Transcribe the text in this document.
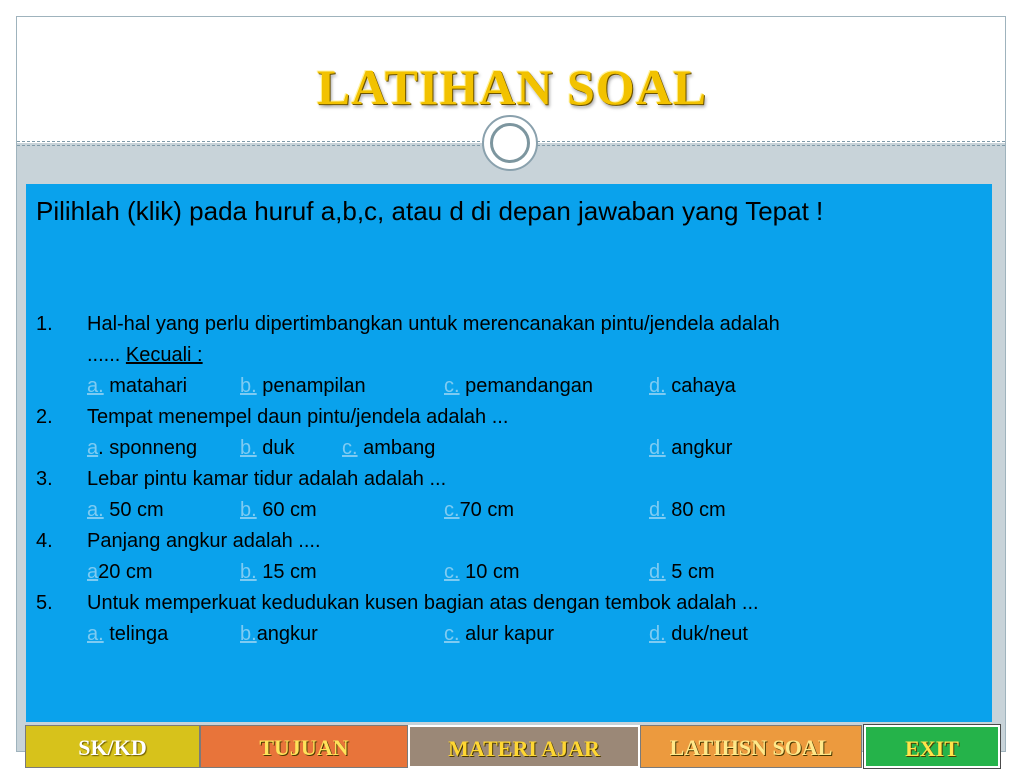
LATIHAN SOAL
Pilihlah (klik) pada huruf a,b,c, atau d di depan jawaban yang Tepat !
1.	Hal-hal yang perlu dipertimbangkan untuk merencanakan pintu/jendela adalah
...... Kecuali :
a. matahari	b. penampilan	c. pemandangan	d. cahaya
2.	Tempat menempel daun pintu/jendela adalah ...
a. sponneng b. duk c. ambang	d. angkur
3.	Lebar pintu kamar tidur adalah adalah ...
a. 50 cm	b. 60 cm	c.70 cm	d. 80 cm
4.	Panjang angkur adalah ....
a20 cm	b. 15 cm	c. 10 cm	d. 5 cm
5.	Untuk memperkuat kedudukan kusen bagian atas dengan tembok adalah ...
a. telinga	b.angkur	c. alur kapur	d. duk/neut
SK/KD	TUJUAN	MATERI AJAR	LATIHSN SOAL	EXIT
